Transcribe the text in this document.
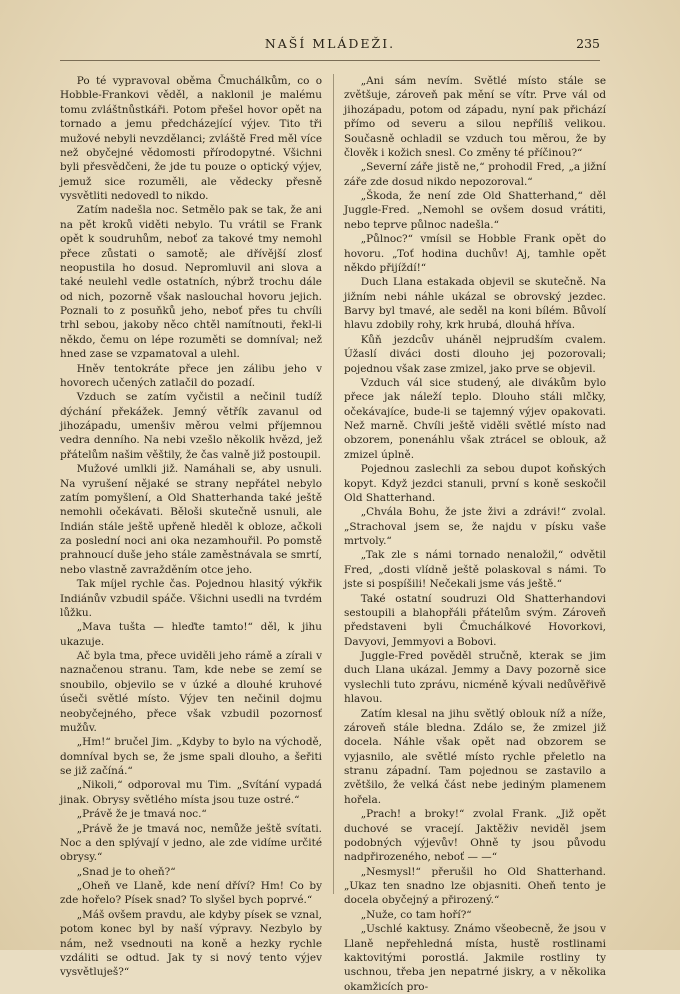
NAŠÍ MLÁDEŽI.	235

Po té vypravoval oběma Čmuchálkům, co o Hobble-Frankovi věděl, a naklonil je malému tomu zvláštnůstkáři. Potom přešel hovor opět na tornado a jemu předcházející výjev. Tito tři mužové nebyli nevzdělanci; zvláště Fred měl více než obyčejné vědomosti přírodopytné. Všichni byli přesvědčeni, že jde tu pouze o optický výjev, jemuž sice rozuměli, ale vědecky přesně vysvětliti nedovedl to nikdo.

Zatím nadešla noc. Setmělo pak se tak, že ani na pět kroků viděti nebylo. Tu vrátil se Frank opět k soudruhům, neboť za takové tmy nemohl přece zůstati o samotě; ale dřívější zlosť neopustila ho dosud. Nepromluvil ani slova a také neulehl vedle ostatních, nýbrž trochu dále od nich, pozorně však naslouchal hovoru jejich. Poznali to z posuňků jeho, neboť přes tu chvíli trhl sebou, jakoby něco chtěl namítnouti, řekl-li někdo, čemu on lépe rozuměti se domníval; než hned zase se vzpamatoval a ulehl.

Hněv tentokráte přece jen zálibu jeho v hovorech učených zatlačil do pozadí.

Vzduch se zatím vyčistil a nečinil tudíž dýchání překážek. Jemný větřík zavanul od jihozápadu, umenšiv měrou velmi příjemnou vedra denního. Na nebi vzešlo několik hvězd, jež přátelům našim věštily, že čas valně již postoupil.

Mužové umlkli již. Namáhali se, aby usnuli. Na vyrušení nějaké se strany nepřátel nebylo zatím pomyšlení, a Old Shatterhanda také ještě nemohli očekávati. Běloši skutečně usnuli, ale Indián stále ještě upřeně hleděl k obloze, ačkoli za poslední noci ani oka nezamhouřil. Po pomstě prahnoucí duše jeho stále zaměstnávala se smrtí, nebo vlastně zavražděním otce jeho.

Tak míjel rychle čas. Pojednou hlasitý výkřik Indiánův vzbudil spáče. Všichni usedli na tvrdém lůžku.

„Mava tušta — hleďte tamto!“ děl, k jihu ukazuje.

Ač byla tma, přece uviděli jeho rámě a zírali v naznačenou stranu. Tam, kde nebe se zemí se snoubilo, objevilo se v úzké a dlouhé kruhové úseči světlé místo. Výjev ten nečinil dojmu neobyčejného, přece však vzbudil pozornosť mužův.

„Hm!“ bručel Jim. „Kdyby to bylo na východě, domníval bych se, že jsme spali dlouho, a šeřiti se již začíná.“

„Nikoli,“ odporoval mu Tim. „Svítání vypadá jinak. Obrysy světlého místa jsou tuze ostré.“

„Právě že je tmavá noc.“

„Právě že je tmavá noc, nemůže ještě svítati. Noc a den splývají v jedno, ale zde vidíme určité obrysy.“

„Snad je to oheň?“

„Oheň ve Llaně, kde není dříví? Hm! Co by zde hořelo? Písek snad? To slyšel bych poprvé.“

„Máš ovšem pravdu, ale kdyby písek se vznal, potom konec byl by naší výpravy. Nezbylo by nám, než vsednouti na koně a hezky rychle vzdáliti se odtud. Jak ty si nový tento výjev vysvětluješ?“

„Ani sám nevím. Světlé místo stále se zvětšuje, zároveň pak mění se vítr. Prve vál od jihozápadu, potom od západu, nyní pak přichází přímo od severu a silou nepříliš velikou. Současně ochladil se vzduch tou měrou, že by člověk i kožich snesl. Co změny té příčinou?“

„Severní záře jistě ne,“ prohodil Fred, „a jižní záře zde dosud nikdo nepozoroval.“

„Škoda, že není zde Old Shatterhand,“ děl Juggle-Fred. „Nemohl se ovšem dosud vrátiti, nebo teprve půlnoc nadešla.“

„Půlnoc?“ vmísil se Hobble Frank opět do hovoru. „Toť hodina duchův! Aj, tamhle opět někdo přijíždí!“

Duch Llana estakada objevil se skutečně. Na jižním nebi náhle ukázal se obrovský jezdec. Barvy byl tmavé, ale seděl na koni bílém. Bůvolí hlavu zdobily rohy, krk hrubá, dlouhá hříva.

Kůň jezdcův uháněl nejprudším cvalem. Úžaslí diváci dosti dlouho jej pozorovali; pojednou však zase zmizel, jako prve se objevil.

Vzduch vál sice studený, ale divákům bylo přece jak náleží teplo. Dlouho stáli mlčky, očekávajíce, bude-li se tajemný výjev opakovati. Než marně. Chvíli ještě viděli světlé místo nad obzorem, ponenáhlu však ztrácel se oblouk, až zmizel úplně.

Pojednou zaslechli za sebou dupot koňských kopyt. Když jezdci stanuli, první s koně seskočil Old Shatterhand.

„Chvála Bohu, že jste živi a zdrávi!“ zvolal. „Strachoval jsem se, že najdu v písku vaše mrtvoly.“

„Tak zle s námi tornado nenaložil,“ odvětil Fred, „dosti vlídně ještě polaskoval s námi. To jste si pospíšili! Nečekali jsme vás ještě.“

Také ostatní soudruzi Old Shatterhandovi sestoupili a blahopřáli přátelům svým. Zároveň představeni byli Čmuchálkové Hovorkovi, Davyovi, Jemmyovi a Bobovi.

Juggle-Fred pověděl stručně, kterak se jim duch Llana ukázal. Jemmy a Davy pozorně sice vyslechli tuto zprávu, nicméně kývali nedůvěřivě hlavou.

Zatím klesal na jihu světlý oblouk níž a níže, zároveň stále bledna. Zdálo se, že zmizel již docela. Náhle však opět nad obzorem se vyjasnilo, ale světlé místo rychle přeletlo na stranu západní. Tam pojednou se zastavilo a zvětšilo, že velká část nebe jediným plamenem hořela.

„Prach! a broky!“ zvolal Frank. „Již opět duchové se vracejí. Jaktěživ neviděl jsem podobných výjevův! Ohně ty jsou původu nadpřirozeného, neboť — —“

„Nesmysl!“ přerušil ho Old Shatterhand. „Ukaz ten snadno lze objasniti. Oheň tento je docela obyčejný a přirozený.“

„Nuže, co tam hoří?“

„Uschlé kaktusy. Známo všeobecně, že jsou v Llaně nepřehledná místa, hustě rostlinami kaktovitými porostlá. Jakmile rostliny ty uschnou, třeba jen nepatrné jiskry, a v několika okamžicích pro-
